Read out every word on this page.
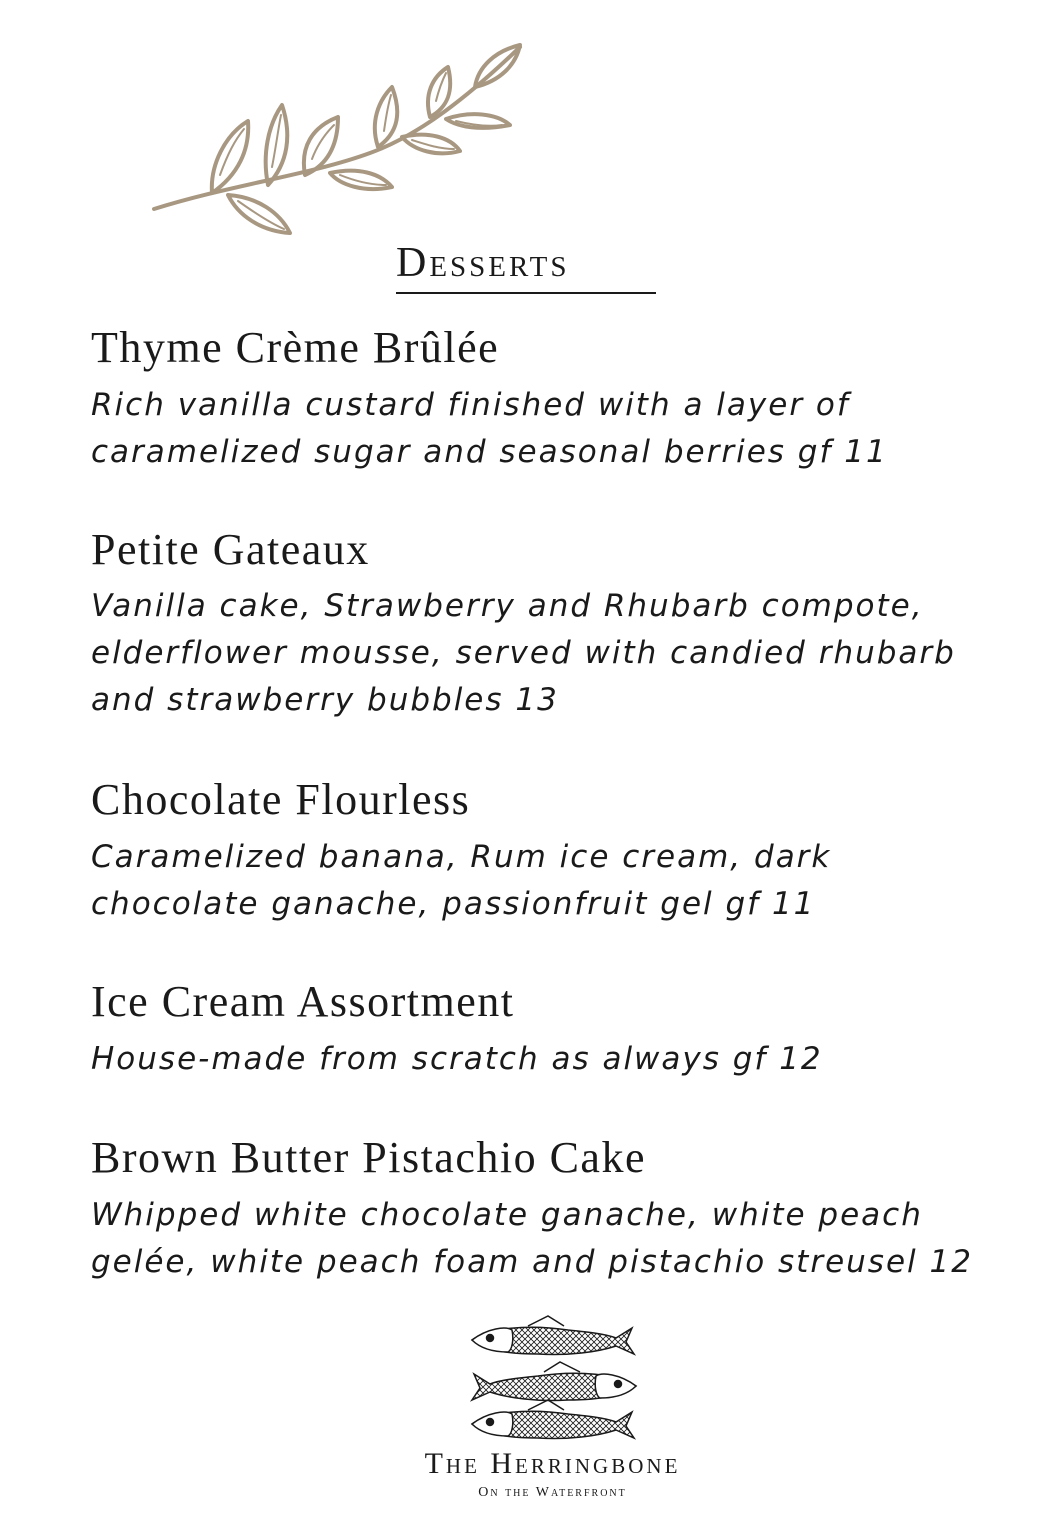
Desserts
Thyme Crème Brûlée

Rich vanilla custard finished with a layer of
caramelized sugar and seasonal berries gf 11

Petite Gateaux

Vanilla cake, Strawberry and Rhubarb compote,
elderflower mousse, served with candied rhubarb
and strawberry bubbles 13

Chocolate Flourless

Caramelized banana, Rum ice cream, dark
chocolate ganache, passionfruit gel gf 11

Ice Cream Assortment

House-made from scratch as always gf 12

Brown Butter Pistachio Cake

Whipped white chocolate ganache, white peach
gelée, white peach foam and pistachio streusel 12

The Herringbone
On the Waterfront
